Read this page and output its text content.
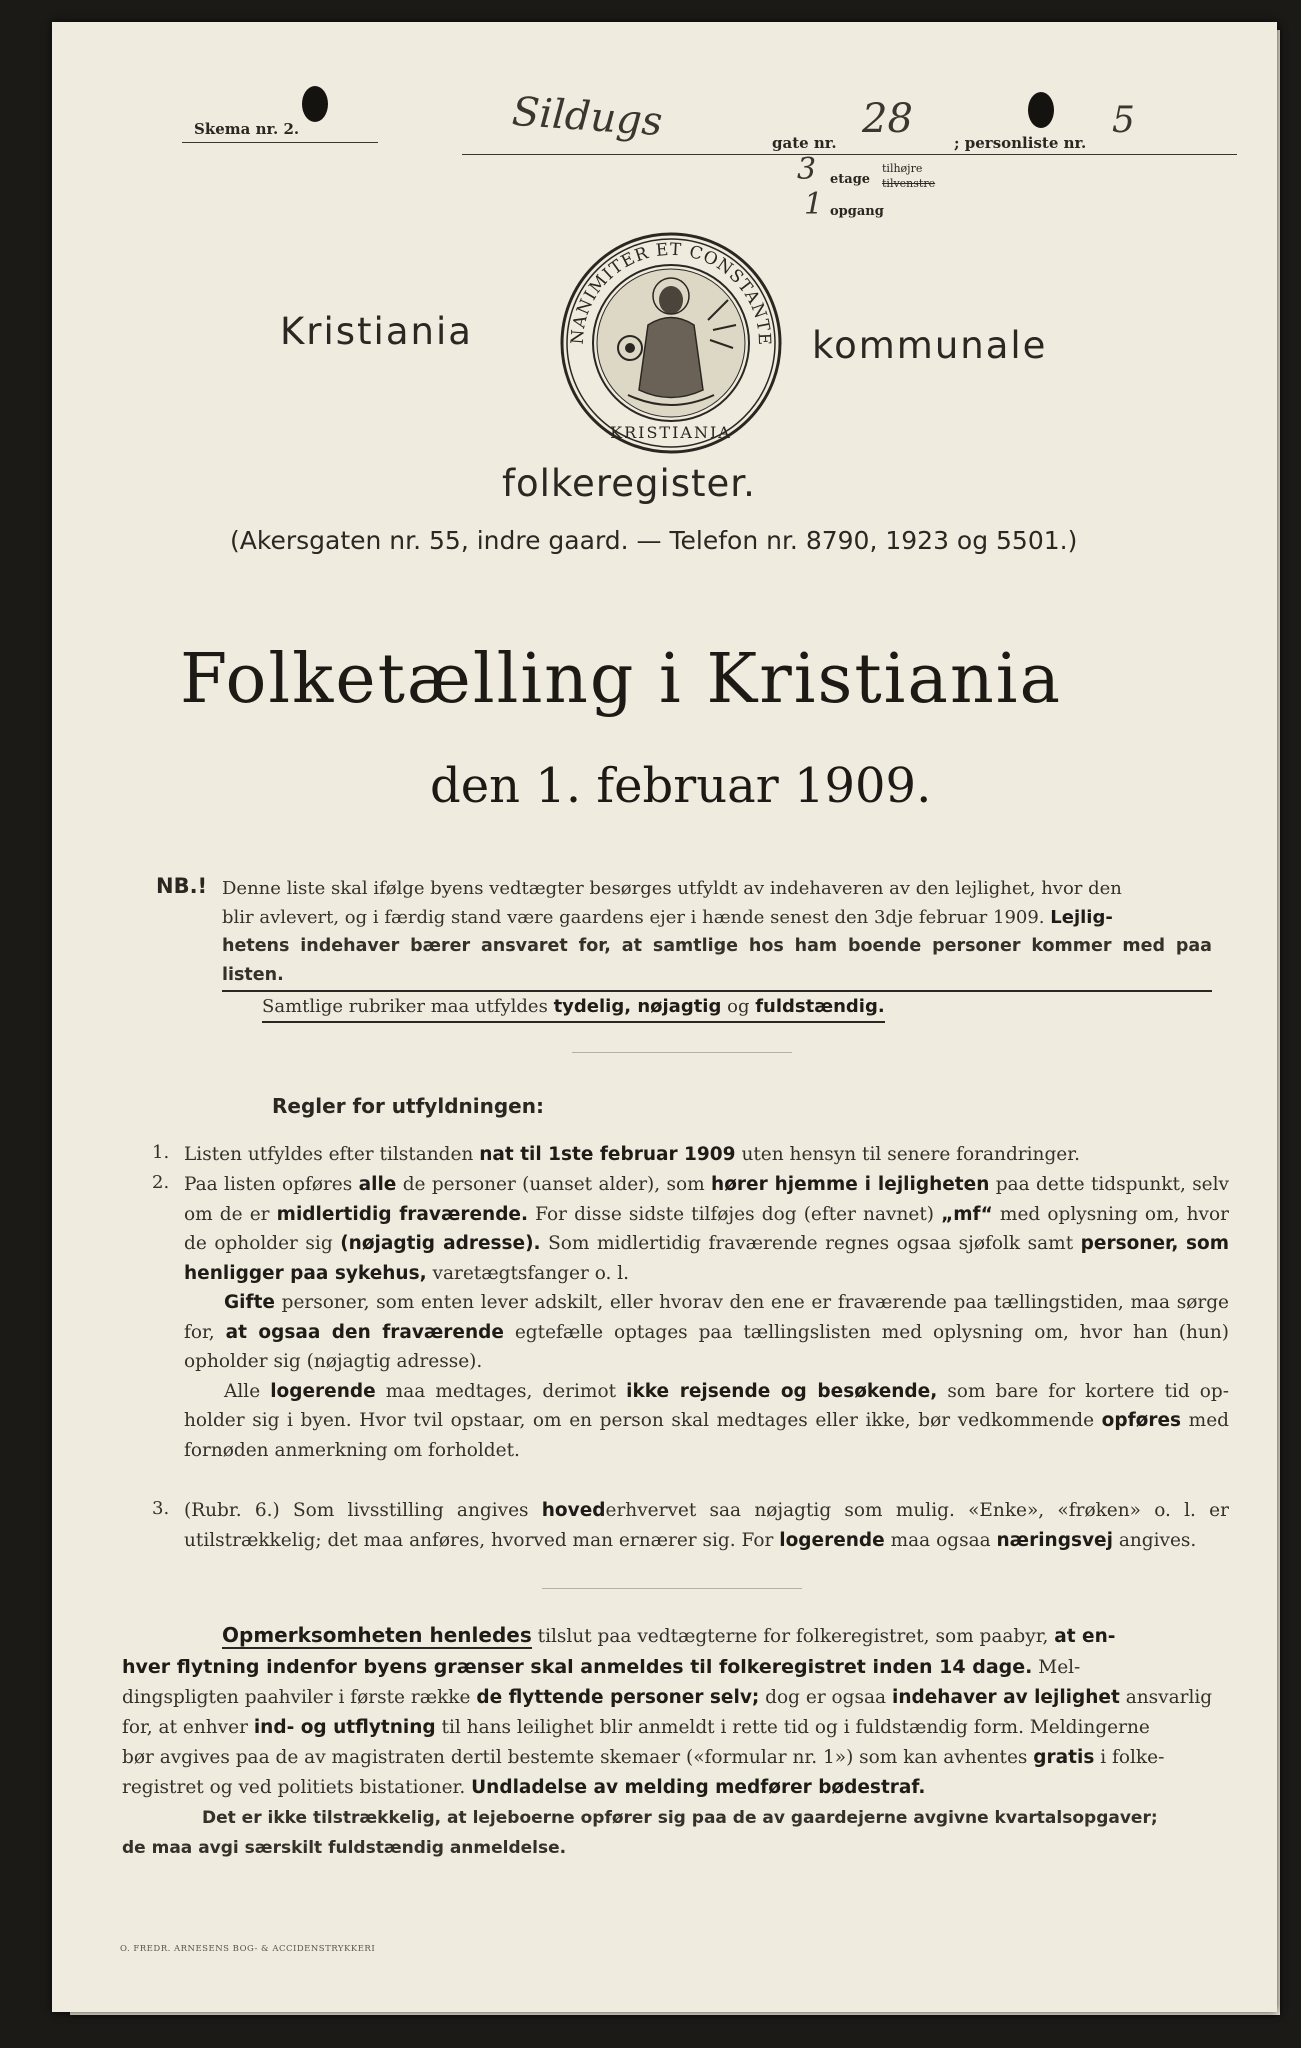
Skema nr. 2.	Sildugs	gate nr.
28
; personliste nr.
5
3 etage
tilhøjre
tilvenstre
1 opgang
Kristiania	NANIMITER ET CONSTANTE
KRISTIANIA
kommunale
folkeregister.
(Akersgaten nr. 55, indre gaard. — Telefon nr. 8790, 1923 og 5501.)
Folketælling i Kristiania
den 1. februar 1909.
NB.! Denne liste skal ifølge byens vedtægter besørges utfyldt av indehaveren av den lejlighet, hvor den
blir avlevert, og i færdig stand være gaardens ejer i hænde senest den 3dje februar 1909. Lejlig-
hetens indehaver bærer ansvaret for, at samtlige hos ham boende personer kommer med paa listen.
Samtlige rubriker maa utfyldes tydelig, nøjagtig og fuldstændig.
Regler for utfyldningen:
1. Listen utfyldes efter tilstanden nat til 1ste februar 1909 uten hensyn til senere forandringer.
2. Paa listen opføres alle de personer (uanset alder), som hører hjemme i lejligheten paa dette tidspunkt, selv om de er midlertidig fraværende. For disse sidste tilføjes dog (efter navnet) „mf“ med oplysning om, hvor de opholder sig (nøjagtig adresse). Som midlertidig fraværende regnes ogsaa sjøfolk samt personer, som henligger paa sykehus, varetægtsfanger o. l.
Gifte personer, som enten lever adskilt, eller hvorav den ene er fraværende paa tællingstiden, maa sørge for, at ogsaa den fraværende egtefælle optages paa tællingslisten med oplysning om, hvor han (hun) opholder sig (nøjagtig adresse).
Alle logerende maa medtages, derimot ikke rejsende og besøkende, som bare for kortere tid op- holder sig i byen. Hvor tvil opstaar, om en person skal medtages eller ikke, bør vedkommende opføres med fornøden anmerkning om forholdet.
3. (Rubr. 6.) Som livsstilling angives hovederhvervet saa nøjagtig som mulig. «Enke», «frøken» o. l. er utilstrækkelig; det maa anføres, hvorved man ernærer sig. For logerende maa ogsaa næringsvej angives.
Opmerksomheten henledes tilslut paa vedtægterne for folkeregistret, som paabyr, at en-
hver flytning indenfor byens grænser skal anmeldes til folkeregistret inden 14 dage. Mel-
dingspligten paahviler i første række de flyttende personer selv; dog er ogsaa indehaver av lejlighet ansvarlig
for, at enhver ind- og utflytning til hans leilighet blir anmeldt i rette tid og i fuldstændig form. Meldingerne
bør avgives paa de av magistraten dertil bestemte skemaer («formular nr. 1») som kan avhentes gratis i folke-
registret og ved politiets bistationer. Undladelse av melding medfører bødestraf.
Det er ikke tilstrækkelig, at lejeboerne opfører sig paa de av gaardejerne avgivne kvartalsopgaver;
de maa avgi særskilt fuldstændig anmeldelse.
O. FREDR. ARNESENS BOG- & ACCIDENSTRYKKERI
